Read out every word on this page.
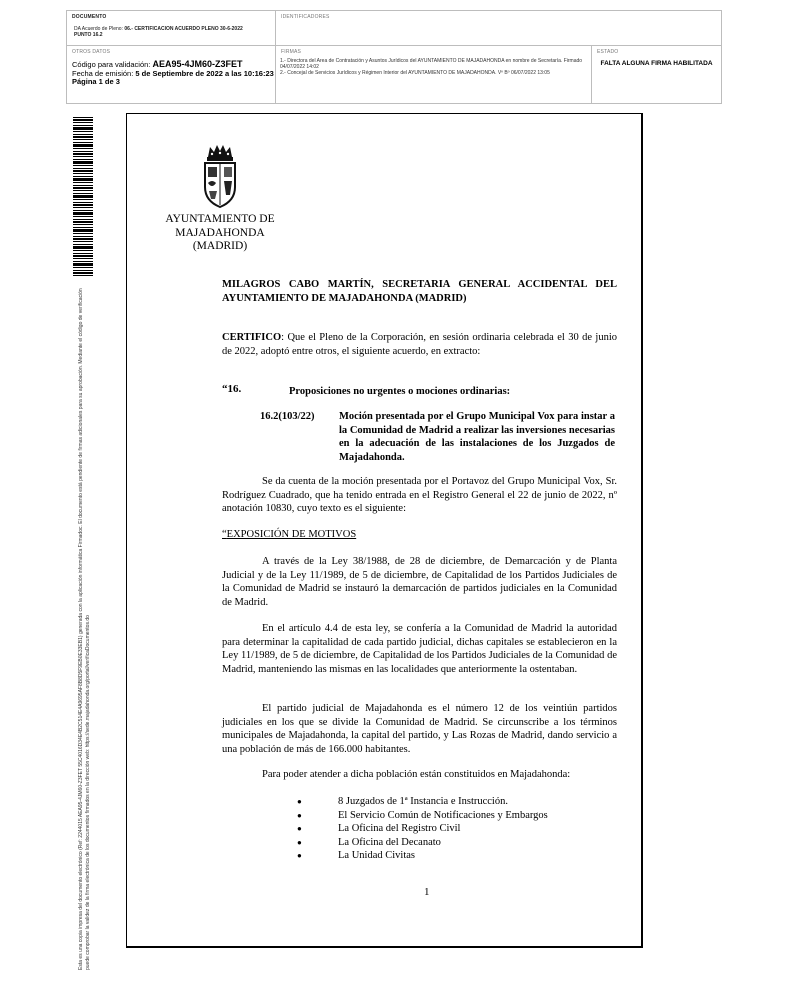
DOCUMENTO
DA Acuerdo de Pleno: 06.- CERTIFICACION ACUERDO PLENO 30-6-2022
PUNTO 16.2
IDENTIFICADORES
OTROS DATOS
Código para validación: AEA95-4JM60-Z3FET
Fecha de emisión: 5 de Septiembre de 2022 a las 10:16:23
Página 1 de 3
FIRMAS
1.- Directora del Area de Contratación y Asuntos Jurídicos del AYUNTAMIENTO DE MAJADAHONDA en nombre de Secretaría. Firmado 04/07/2022 14:02
2.- Concejal de Servicios Jurídicos y Régimen Interior del AYUNTAMIENTO DE MAJADAHONDA. Vº Bº 06/07/2022 13:05
ESTADO
FALTA ALGUNA FIRMA HABILITADA
Esta es una copia impresa del documento electrónico (Ref: 2244015 AEA95-4JM60-Z3FET 55C4016D34E4B2C514E4A9695AF8B8D5F9EB0E33EB1) generada con la aplicación informática Firmadoc. El documento está pendiente de firmas adicionales para su aprobación. Mediante el código de verificación puede comprobar la validez de la firma electrónica de los documentos firmados en la dirección web: https://sede.majadahonda.org/portal/verificaDocumentos.do
AYUNTAMIENTO DE
MAJADAHONDA
(MADRID)
MILAGROS CABO MARTÍN, SECRETARIA GENERAL ACCIDENTAL DEL AYUNTAMIENTO DE MAJADAHONDA (MADRID)
CERTIFICO: Que el Pleno de la Corporación, en sesión ordinaria celebrada el 30 de junio de 2022, adoptó entre otros, el siguiente acuerdo, en extracto:
“16.	Proposiciones no urgentes o mociones ordinarias:
16.2(103/22) Moción presentada por el Grupo Municipal Vox para instar a la Comunidad de Madrid a realizar las inversiones necesarias en la adecuación de las instalaciones de los Juzgados de Majadahonda.
Se da cuenta de la moción presentada por el Portavoz del Grupo Municipal Vox, Sr. Rodríguez Cuadrado, que ha tenido entrada en el Registro General el 22 de junio de 2022, nº anotación 10830, cuyo texto es el siguiente:
“EXPOSICIÓN DE MOTIVOS
A través de la Ley 38/1988, de 28 de diciembre, de Demarcación y de Planta Judicial y de la Ley 11/1989, de 5 de diciembre, de Capitalidad de los Partidos Judiciales de la Comunidad de Madrid se instauró la demarcación de partidos judiciales en la Comunidad de Madrid.
En el artículo 4.4 de esta ley, se confería a la Comunidad de Madrid la autoridad para determinar la capitalidad de cada partido judicial, dichas capitales se establecieron en la Ley 11/1989, de 5 de diciembre, de Capitalidad de los Partidos Judiciales de la Comunidad de Madrid, manteniendo las mismas en las localidades que anteriormente la ostentaban.
El partido judicial de Majadahonda es el número 12 de los veintiún partidos judiciales en los que se divide la Comunidad de Madrid. Se circunscribe a los términos municipales de Majadahonda, la capital del partido, y Las Rozas de Madrid, dando servicio a una población de más de 166.000 habitantes.
Para poder atender a dicha población están constituidos en Majadahonda:
●	8 Juzgados de 1ª Instancia e Instrucción.
●	El Servicio Común de Notificaciones y Embargos
●	La Oficina del Registro Civil
●	La Oficina del Decanato
●	La Unidad Civitas
1
